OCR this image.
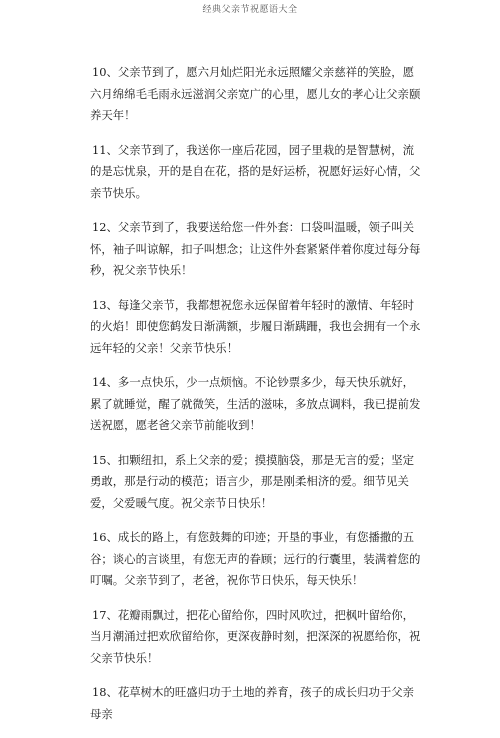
经典父亲节祝愿语大全

10、父亲节到了，愿六月灿烂阳光永远照耀父亲慈祥的笑脸，愿六月绵绵毛毛雨永远滋润父亲宽广的心里，愿儿女的孝心让父亲颐养天年！

11、父亲节到了，我送你一座后花园，园子里栽的是智慧树，流的是忘忧泉，开的是自在花，搭的是好运桥，祝愿好运好心情，父亲节快乐。

12、父亲节到了，我要送给您一件外套：口袋叫温暖，领子叫关怀，袖子叫谅解，扣子叫想念；让这件外套紧紧伴着你度过每分每秒，祝父亲节快乐！

13、每逢父亲节，我都想祝您永远保留着年轻时的激情、年轻时的火焰！即使您鹤发日渐满额，步履日渐蹒跚，我也会拥有一个永远年轻的父亲！父亲节快乐！

14、多一点快乐，少一点烦恼。不论钞票多少，每天快乐就好，累了就睡觉，醒了就微笑，生活的滋味，多放点调料，我已提前发送祝愿，愿老爸父亲节前能收到！

15、扣颗纽扣，系上父亲的爱；摸摸脑袋，那是无言的爱；坚定勇敢，那是行动的模范；语言少，那是刚柔相济的爱。细节见关爱，父爱暖气度。祝父亲节日快乐！

16、成长的路上，有您鼓舞的印迹；开垦的事业，有您播撒的五谷；谈心的言谈里，有您无声的眷顾；远行的行囊里，装满着您的叮嘱。父亲节到了，老爸，祝你节日快乐，每天快乐！

17、花瓣雨飘过，把花心留给你，四时风吹过，把枫叶留给你，当月潮涌过把欢欣留给你，更深夜静时刻，把深深的祝愿给你，祝父亲节快乐！

18、花草树木的旺盛归功于土地的养育，孩子的成长归功于父亲母亲
